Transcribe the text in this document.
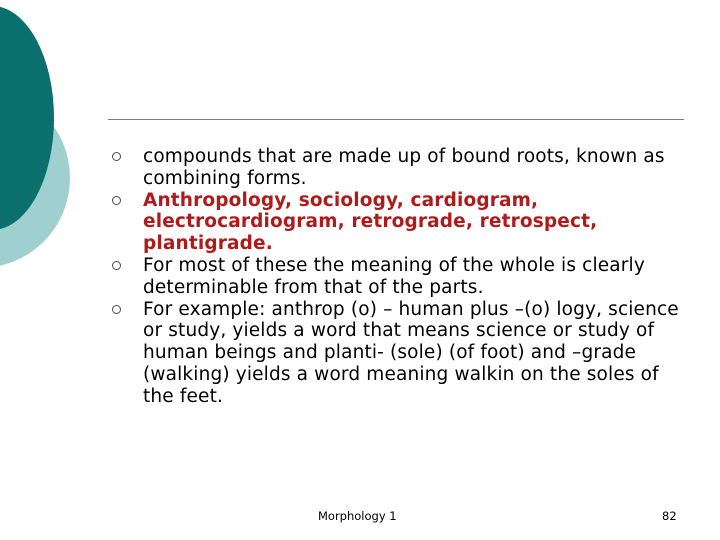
compounds that are made up of bound roots, known as combining forms.
Anthropology, sociology, cardiogram, electrocardiogram, retrograde, retrospect, plantigrade.
For most of these the meaning of the whole is clearly determinable from that of the parts.
For example: anthrop (o) – human plus –(o) logy, science or study, yields a word that means science or study of human beings and planti- (sole) (of foot) and –grade (walking) yields a word meaning walkin on the soles of the feet.
Morphology 1	82
